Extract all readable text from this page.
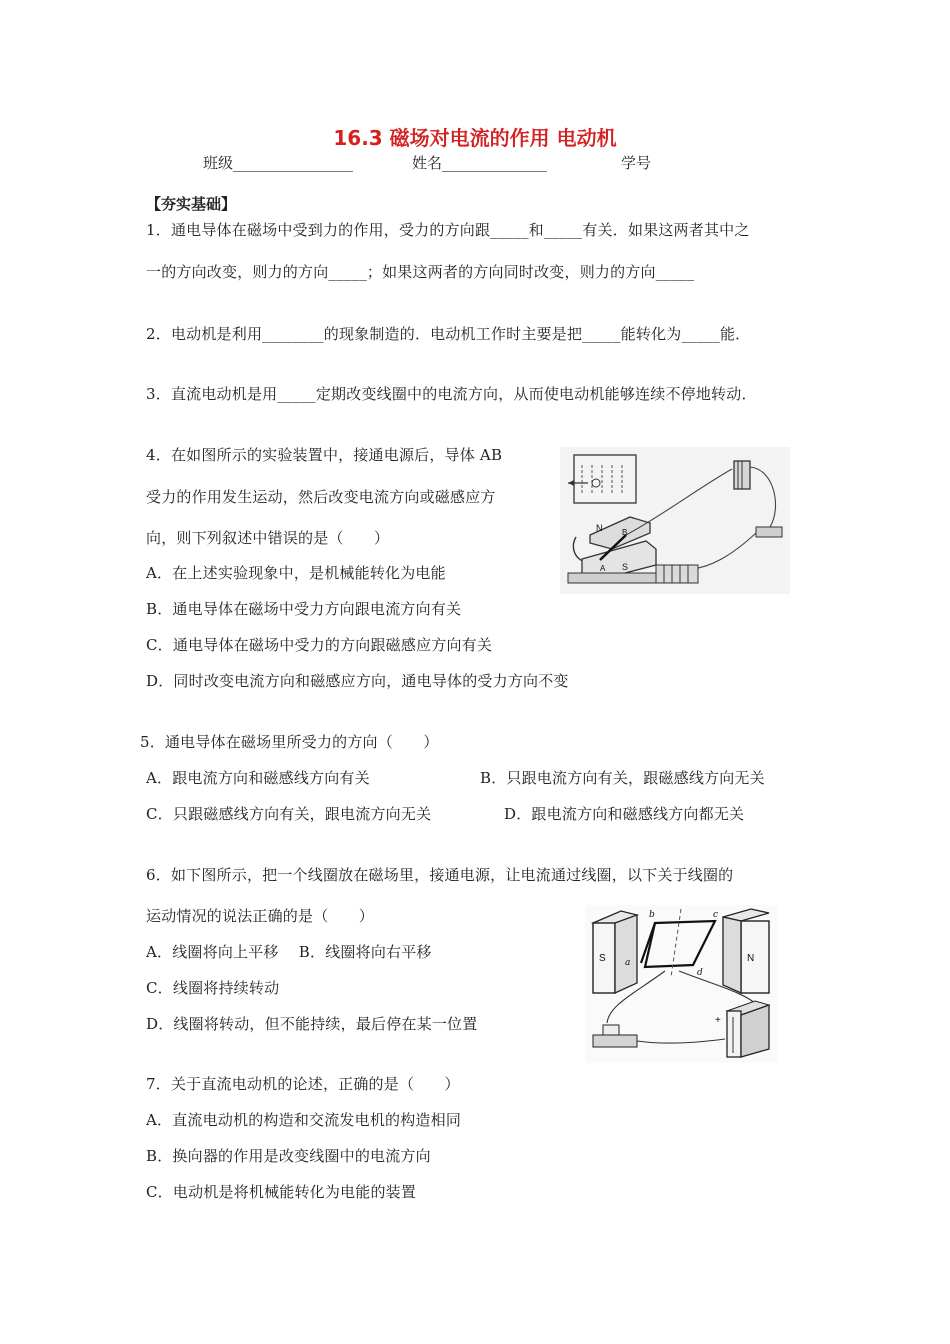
16.3 磁场对电流的作用 电动机
班级________________	姓名______________	学号
【夯实基础】
1．通电导体在磁场中受到力的作用，受力的方向跟_____和_____有关．如果这两者其中之
一的方向改变，则力的方向_____；如果这两者的方向同时改变，则力的方向_____
2．电动机是利用________的现象制造的．电动机工作时主要是把_____能转化为_____能．
3．直流电动机是用_____定期改变线圈中的电流方向，从而使电动机能够连续不停地转动．
4．在如图所示的实验装置中，接通电源后，导体 AB
受力的作用发生运动，然后改变电流方向或磁感应方
向，则下列叙述中错误的是（　　）
A．在上述实验现象中，是机械能转化为电能
B．通电导体在磁场中受力方向跟电流方向有关
C．通电导体在磁场中受力的方向跟磁感应方向有关
D．同时改变电流方向和磁感应方向，通电导体的受力方向不变
N
S
A
B
5．通电导体在磁场里所受力的方向（　　）
A．跟电流方向和磁感线方向有关	B．只跟电流方向有关，跟磁感线方向无关
C．只跟磁感线方向有关，跟电流方向无关	D．跟电流方向和磁感线方向都无关
6．如下图所示，把一个线圈放在磁场里，接通电源，让电流通过线圈，以下关于线圈的
运动情况的说法正确的是（　　）
A．线圈将向上平移　 B．线圈将向右平移
C．线圈将持续转动
D．线圈将转动，但不能持续，最后停在某一位置
S	N
b	c
a
d
+
7．关于直流电动机的论述，正确的是（　　）
A．直流电动机的构造和交流发电机的构造相同
B．换向器的作用是改变线圈中的电流方向
C．电动机是将机械能转化为电能的装置
